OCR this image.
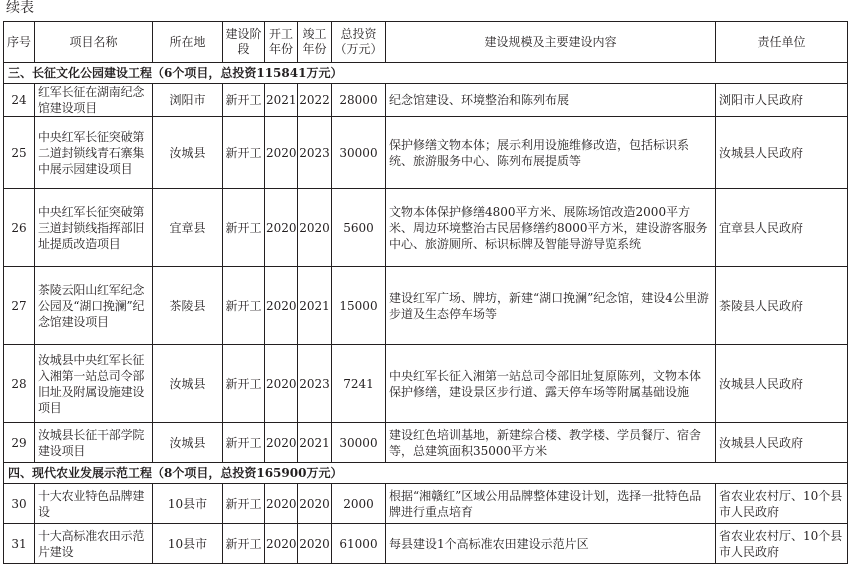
续表
序号	项目名称	所在地	建设阶段	开工年份	竣工年份	总投资（万元）	建设规模及主要建设内容	责任单位
三、长征文化公园建设工程（6个项目，总投资115841万元）								
24	红军长征在湖南纪念馆建设项目	浏阳市	新开工	2021	2022	28000	纪念馆建设、环境整治和陈列布展	浏阳市人民政府
25	中央红军长征突破第二道封锁线青石寨集中展示园建设项目	汝城县	新开工	2020	2023	30000	保护修缮文物本体；展示利用设施维修改造，包括标识系统、旅游服务中心、陈列布展提质等	汝城县人民政府
26	中央红军长征突破第三道封锁线指挥部旧址提质改造项目	宜章县	新开工	2020	2020	5600	文物本体保护修缮4800平方米、展陈场馆改造2000平方米、周边环境整治古民居修缮约8000平方米，建设游客服务中心、旅游厕所、标识标牌及智能导游导览系统	宜章县人民政府
27	茶陵云阳山红军纪念公园及“湖口挽澜”纪念馆建设项目	茶陵县	新开工	2020	2021	15000	建设红军广场、牌坊，新建“湖口挽澜”纪念馆，建设4公里游步道及生态停车场等	茶陵县人民政府
28	汝城县中央红军长征入湘第一站总司令部旧址及附属设施建设项目	汝城县	新开工	2020	2023	7241	中央红军长征入湘第一站总司令部旧址复原陈列，文物本体保护修缮，建设景区步行道、露天停车场等附属基础设施	汝城县人民政府
29	汝城县长征干部学院建设项目	汝城县	新开工	2020	2021	30000	建设红色培训基地，新建综合楼、教学楼、学员餐厅、宿舍等，总建筑面积35000平方米	汝城县人民政府
四、现代农业发展示范工程（8个项目，总投资165900万元）								
30	十大农业特色品牌建设	10县市	新开工	2020	2020	2000	根据“湘赣红”区域公用品牌整体建设计划，选择一批特色品牌进行重点培育	省农业农村厅、10个县市人民政府
31	十大高标准农田示范片建设	10县市	新开工	2020	2020	61000	每县建设1个高标准农田建设示范片区	省农业农村厅、10个县市人民政府
